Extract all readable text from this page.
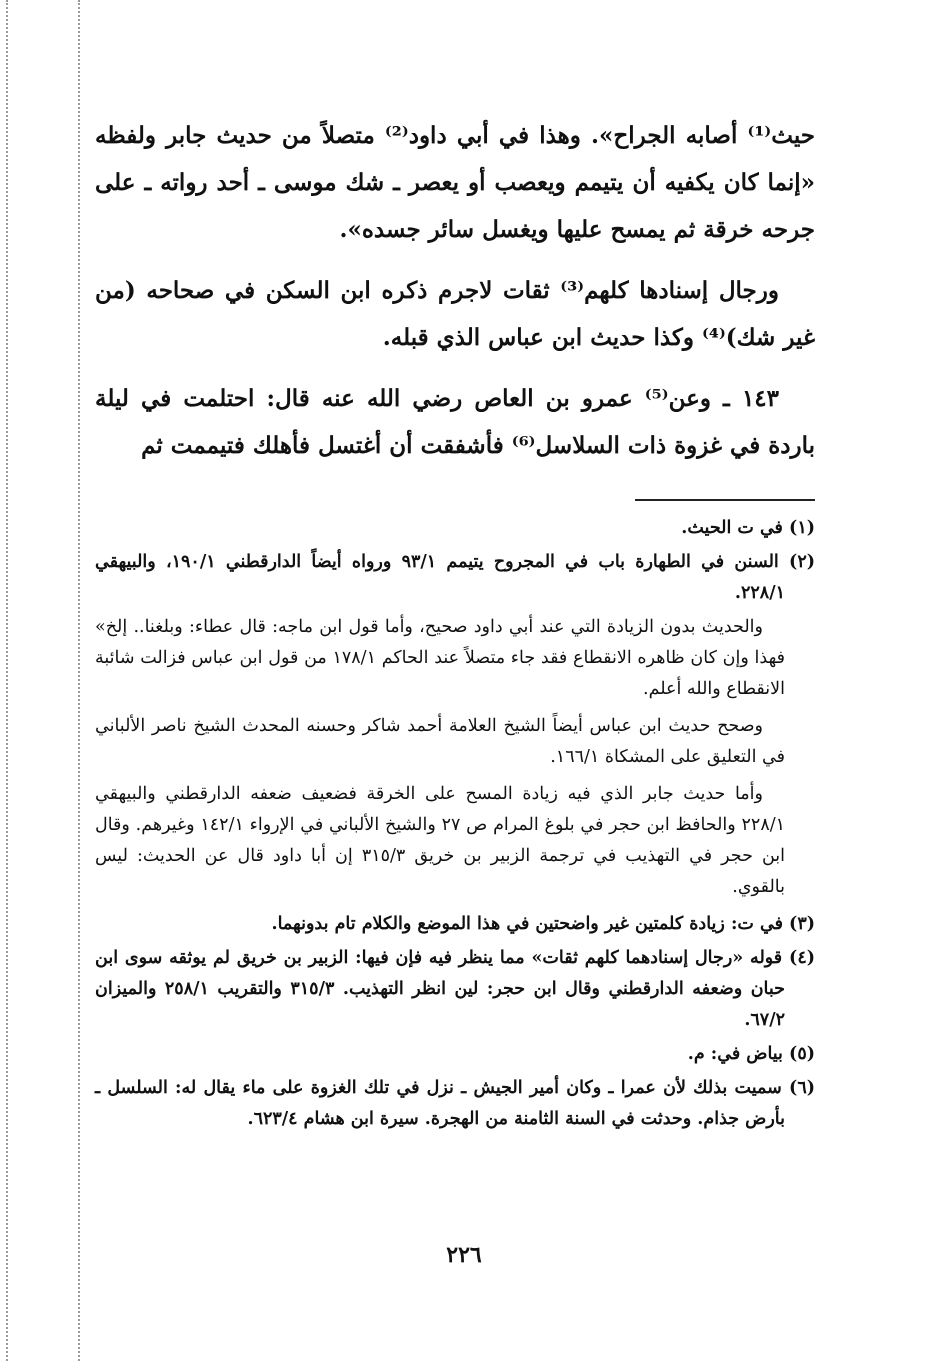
حيث⁽¹⁾ أصابه الجراح». وهذا في أبي داود⁽²⁾ متصلاً من حديث جابر ولفظه «إنما كان يكفيه أن يتيمم ويعصب أو يعصر ـ شك موسى ـ أحد رواته ـ على جرحه خرقة ثم يمسح عليها ويغسل سائر جسده».

ورجال إسنادها كلهم⁽³⁾ ثقات لاجرم ذكره ابن السكن في صحاحه (من غير شك)⁽⁴⁾ وكذا حديث ابن عباس الذي قبله.

١٤٣ ـ وعن⁽⁵⁾ عمرو بن العاص رضي الله عنه قال: احتلمت في ليلة باردة في غزوة ذات السلاسل⁽⁶⁾ فأشفقت أن أغتسل فأهلك فتيممت ثم

(١) في ت الحيث.
(٢) السنن في الطهارة باب في المجروح يتيمم ٩٣/١ ورواه أيضاً الدارقطني ١٩٠/١، والبيهقي ٢٢٨/١.
والحديث بدون الزيادة التي عند أبي داود صحيح، وأما قول ابن ماجه: قال عطاء: وبلغنا.. إلخ» فهذا وإن كان ظاهره الانقطاع فقد جاء متصلاً عند الحاكم ١٧٨/١ من قول ابن عباس فزالت شائبة الانقطاع والله أعلم.
وصحح حديث ابن عباس أيضاً الشيخ العلامة أحمد شاكر وحسنه المحدث الشيخ ناصر الألباني في التعليق على المشكاة ١٦٦/١.
وأما حديث جابر الذي فيه زيادة المسح على الخرقة فضعيف ضعفه الدارقطني والبيهقي ٢٢٨/١ والحافظ ابن حجر في بلوغ المرام ص ٢٧ والشيخ الألباني في الإرواء ١٤٢/١ وغيرهم. وقال ابن حجر في التهذيب في ترجمة الزبير بن خريق ٣١٥/٣ إن أبا داود قال عن الحديث: ليس بالقوي.
(٣) في ت: زيادة كلمتين غير واضحتين في هذا الموضع والكلام تام بدونهما.
(٤) قوله «رجال إسنادهما كلهم ثقات» مما ينظر فيه فإن فيها: الزبير بن خريق لم يوثقه سوى ابن حبان وضعفه الدارقطني وقال ابن حجر: لين انظر التهذيب. ٣١٥/٣ والتقريب ٢٥٨/١ والميزان ٦٧/٢.
(٥) بياض في: م.
(٦) سميت بذلك لأن عمرا ـ وكان أمير الجيش ـ نزل في تلك الغزوة على ماء يقال له: السلسل ـ بأرض جذام. وحدثت في السنة الثامنة من الهجرة. سيرة ابن هشام ٦٢٣/٤.
٢٢٦
